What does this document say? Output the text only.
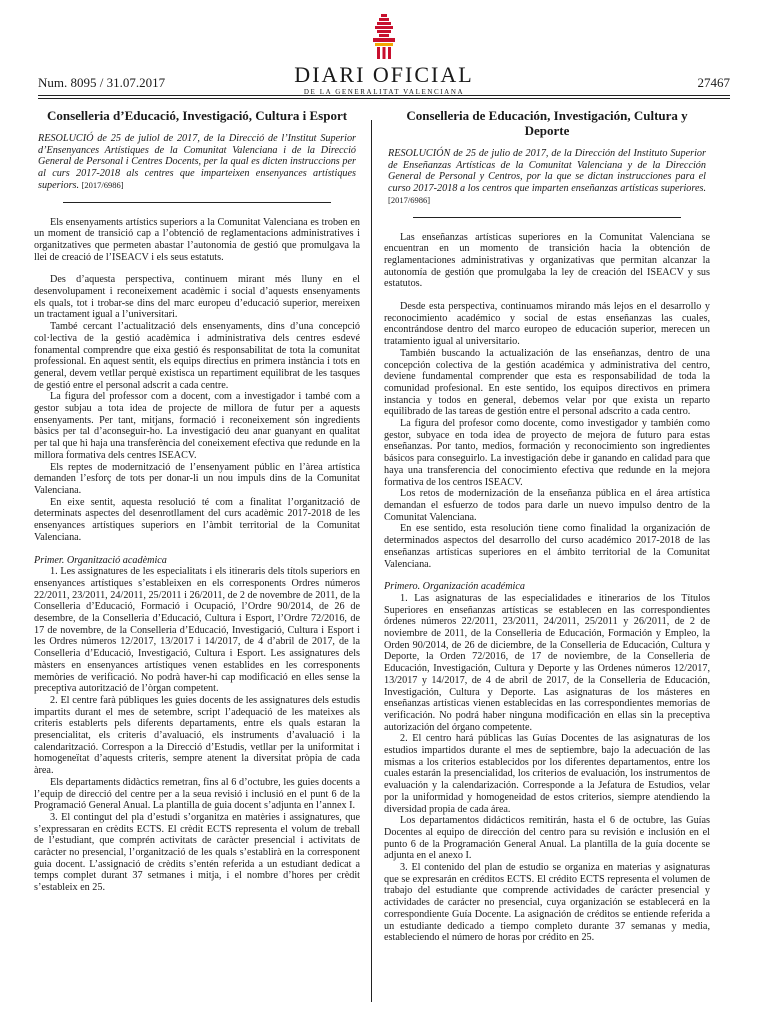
Num. 8095 / 31.07.2017	DIARI OFICIAL
DE LA GENERALITAT VALENCIANA
27467
Conselleria d’Educació, Investigació, Cultura i Esport
RESOLUCIÓ de 25 de juliol de 2017, de la Direcció de l’Institut Superior d’Ensenyances Artístiques de la Comunitat Valenciana i de la Direcció General de Personal i Centres Docents, per la qual es dicten instruccions per al curs 2017-2018 als centres que imparteixen ensenyances artístiques superiors. [2017/6986]

Els ensenyaments artístics superiors a la Comunitat Valenciana es troben en un moment de transició cap a l’obtenció de reglamentacions administratives i organitzatives que permeten abastar l’autonomia de gestió que promulgava la llei de creació de l’ISEACV i els seus estatuts.

Des d’aquesta perspectiva, continuem mirant més lluny en el desenvolupament i reconeixement acadèmic i social d’aquests ensenyaments els quals, tot i trobar-se dins del marc europeu d’educació superior, mereixen un tractament igual a l’universitari.

També cercant l’actualització dels ensenyaments, dins d’una concepció col·lectiva de la gestió acadèmica i administrativa dels centres esdevé fonamental comprendre que eixa gestió és responsabilitat de tota la comunitat professional. En aquest sentit, els equips directius en primera instància i tots en general, devem vetllar perquè existisca un repartiment equilibrat de les tasques de gestió entre el personal adscrit a cada centre.

La figura del professor com a docent, com a investigador i també com a gestor subjau a tota idea de projecte de millora de futur per a aquests ensenyaments. Per tant, mitjans, formació i reconeixement són ingredients bàsics per tal d’aconseguir-ho. La investigació deu anar guanyant en qualitat per tal que hi haja una transferència del coneixement efectiva que redunde en la millora formativa dels centres ISEACV.

Els reptes de modernització de l’ensenyament públic en l’àrea artística demanden l’esforç de tots per donar-li un nou impuls dins de la Comunitat Valenciana.

En eixe sentit, aquesta resolució té com a finalitat l’organització de determinats aspectes del desenrotllament del curs acadèmic 2017-2018 de les ensenyances artístiques superiors en l’àmbit territorial de la Comunitat Valenciana.

Primer. Organització acadèmica

1. Les assignatures de les especialitats i els itineraris dels títols superiors en ensenyances artístiques s’estableixen en els corresponents Ordres números 22/2011, 23/2011, 24/2011, 25/2011 i 26/2011, de 2 de novembre de 2011, de la Conselleria d’Educació, Formació i Ocupació, l’Ordre 90/2014, de 26 de desembre, de la Conselleria d’Educació, Cultura i Esport, l’Ordre 72/2016, de 17 de novembre, de la Conselleria d’Educació, Investigació, Cultura i Esport i les Ordres números 12/2017, 13/2017 i 14/2017, de 4 d’abril de 2017, de la Conselleria d’Educació, Investigació, Cultura i Esport. Les assignatures dels màsters en ensenyances artístiques venen establides en les corresponents memòries de verificació. No podrà haver-hi cap modificació en elles sense la preceptiva autorització de l’òrgan competent.

2. El centre farà públiques les guies docents de les assignatures dels estudis impartits durant el mes de setembre, script l’adequació de les mateixes als criteris establerts pels diferents departaments, entre els quals estaran la presencialitat, els criteris d’avaluació, els instruments d’avaluació i la calendarització. Correspon a la Direcció d’Estudis, vetllar per la uniformitat i homogeneïtat d’aquests criteris, sempre atenent la diversitat pròpia de cada àrea.

Els departaments didàctics remetran, fins al 6 d’octubre, les guies docents a l’equip de direcció del centre per a la seua revisió i inclusió en el punt 6 de la Programació General Anual. La plantilla de guia docent s’adjunta en l’annex I.

3. El contingut del pla d’estudi s’organitza en matèries i assignatures, que s’expressaran en crèdits ECTS. El crèdit ECTS representa el volum de treball de l’estudiant, que comprén activitats de caràcter presencial i activitats de caràcter no presencial, l’organització de les quals s’establirà en la corresponent guia docent. L’assignació de crèdits s’entén referida a un estudiant dedicat a temps complet durant 37 setmanes i mitja, i el nombre d’hores per crèdit s’estableix en 25.

Conselleria de Educación, Investigación, Cultura y Deporte
RESOLUCIÓN de 25 de julio de 2017, de la Dirección del Instituto Superior de Enseñanzas Artísticas de la Comunitat Valenciana y de la Dirección General de Personal y Centros, por la que se dictan instrucciones para el curso 2017-2018 a los centros que imparten enseñanzas artísticas superiores. [2017/6986]

Las enseñanzas artísticas superiores en la Comunitat Valenciana se encuentran en un momento de transición hacia la obtención de reglamentaciones administrativas y organizativas que permitan alcanzar la autonomía de gestión que promulgaba la ley de creación del ISEACV y sus estatutos.

Desde esta perspectiva, continuamos mirando más lejos en el desarrollo y reconocimiento académico y social de estas enseñanzas las cuales, encontrándose dentro del marco europeo de educación superior, merecen un tratamiento igual al universitario.

También buscando la actualización de las enseñanzas, dentro de una concepción colectiva de la gestión académica y administrativa del centro, deviene fundamental comprender que esta es responsabilidad de toda la comunidad profesional. En este sentido, los equipos directivos en primera instancia y todos en general, debemos velar por que exista un reparto equilibrado de las tareas de gestión entre el personal adscrito a cada centro.

La figura del profesor como docente, como investigador y también como gestor, subyace en toda idea de proyecto de mejora de futuro para estas enseñanzas. Por tanto, medios, formación y reconocimiento son ingredientes básicos para conseguirlo. La investigación debe ir ganando en calidad para que haya una transferencia del conocimiento efectiva que redunde en la mejora formativa de los centros ISEACV.

Los retos de modernización de la enseñanza pública en el área artística demandan el esfuerzo de todos para darle un nuevo impulso dentro de la Comunitat Valenciana.

En ese sentido, esta resolución tiene como finalidad la organización de determinados aspectos del desarrollo del curso académico 2017-2018 de las enseñanzas artísticas superiores en el ámbito territorial de la Comunitat Valenciana.

Primero. Organización académica

1. Las asignaturas de las especialidades e itinerarios de los Títulos Superiores en enseñanzas artísticas se establecen en las correspondientes órdenes números 22/2011, 23/2011, 24/2011, 25/2011 y 26/2011, de 2 de noviembre de 2011, de la Conselleria de Educación, Formación y Empleo, la Orden 90/2014, de 26 de diciembre, de la Conselleria de Educación, Cultura y Deporte, la Orden 72/2016, de 17 de noviembre, de la Conselleria de Educación, Investigación, Cultura y Deporte y las Ordenes números 12/2017, 13/2017 y 14/2017, de 4 de abril de 2017, de la Conselleria de Educación, Investigación, Cultura y Deporte. Las asignaturas de los másteres en enseñanzas artísticas vienen establecidas en las correspondientes memorias de verificación. No podrá haber ninguna modificación en ellas sin la preceptiva autorización del órgano competente.

2. El centro hará públicas las Guías Docentes de las asignaturas de los estudios impartidos durante el mes de septiembre, bajo la adecuación de las mismas a los criterios establecidos por los diferentes departamentos, entre los cuales estarán la presencialidad, los criterios de evaluación, los instrumentos de evaluación y la calendarización. Corresponde a la Jefatura de Estudios, velar por la uniformidad y homogeneidad de estos criterios, siempre atendiendo la diversidad propia de cada área.

Los departamentos didácticos remitirán, hasta el 6 de octubre, las Guías Docentes al equipo de dirección del centro para su revisión e inclusión en el punto 6 de la Programación General Anual. La plantilla de la guía docente se adjunta en el anexo I.

3. El contenido del plan de estudio se organiza en materias y asignaturas que se expresarán en créditos ECTS. El crédito ECTS representa el volumen de trabajo del estudiante que comprende actividades de carácter presencial y actividades de carácter no presencial, cuya organización se establecerá en la correspondiente Guía Docente. La asignación de créditos se entiende referida a un estudiante dedicado a tiempo completo durante 37 semanas y media, estableciendo el número de horas por crédito en 25.
